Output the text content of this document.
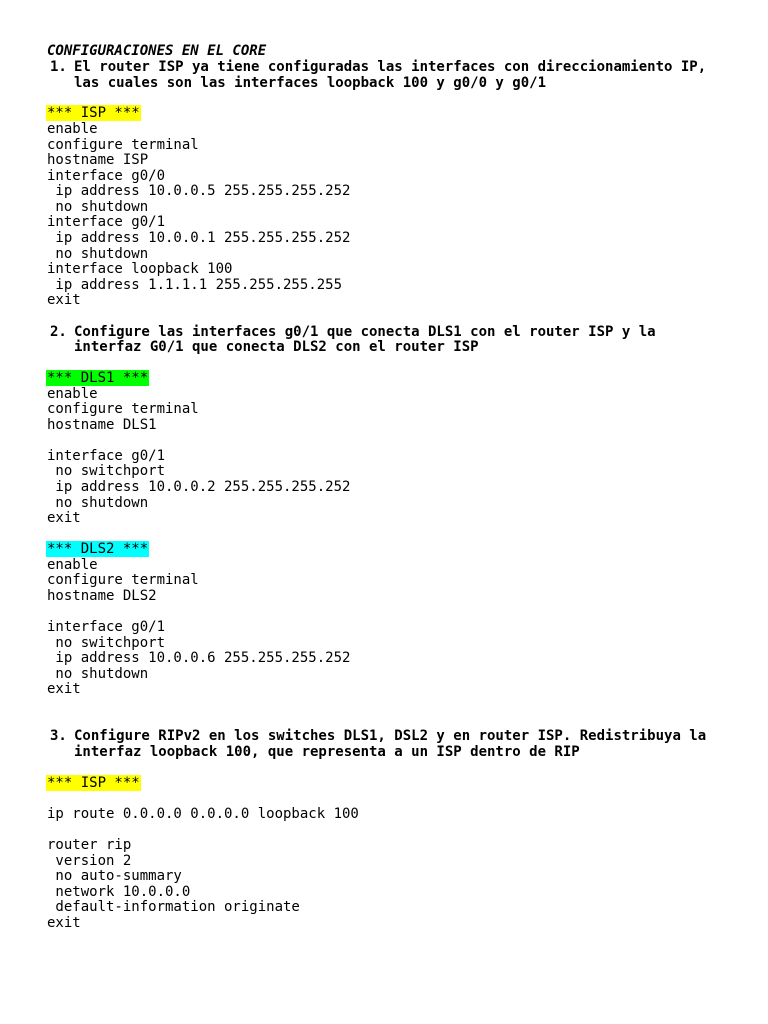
CONFIGURACIONES EN EL CORE
1. El router ISP ya tiene configuradas las interfaces con direccionamiento IP,
las cuales son las interfaces loopback 100 y g0/0 y g0/1
*** ISP ***
enable
configure terminal
hostname ISP
interface g0/0
ip address 10.0.0.5 255.255.255.252
no shutdown
interface g0/1
ip address 10.0.0.1 255.255.255.252
no shutdown
interface loopback 100
ip address 1.1.1.1 255.255.255.255
exit
2. Configure las interfaces g0/1 que conecta DLS1 con el router ISP y la
interfaz G0/1 que conecta DLS2 con el router ISP
*** DLS1 ***
enable
configure terminal
hostname DLS1
interface g0/1
no switchport
ip address 10.0.0.2 255.255.255.252
no shutdown
exit
*** DLS2 ***
enable
configure terminal
hostname DLS2
interface g0/1
no switchport
ip address 10.0.0.6 255.255.255.252
no shutdown
exit
3. Configure RIPv2 en los switches DLS1, DSL2 y en router ISP. Redistribuya la
interfaz loopback 100, que representa a un ISP dentro de RIP
*** ISP ***
ip route 0.0.0.0 0.0.0.0 loopback 100
router rip
version 2
no auto-summary
network 10.0.0.0
default-information originate
exit
